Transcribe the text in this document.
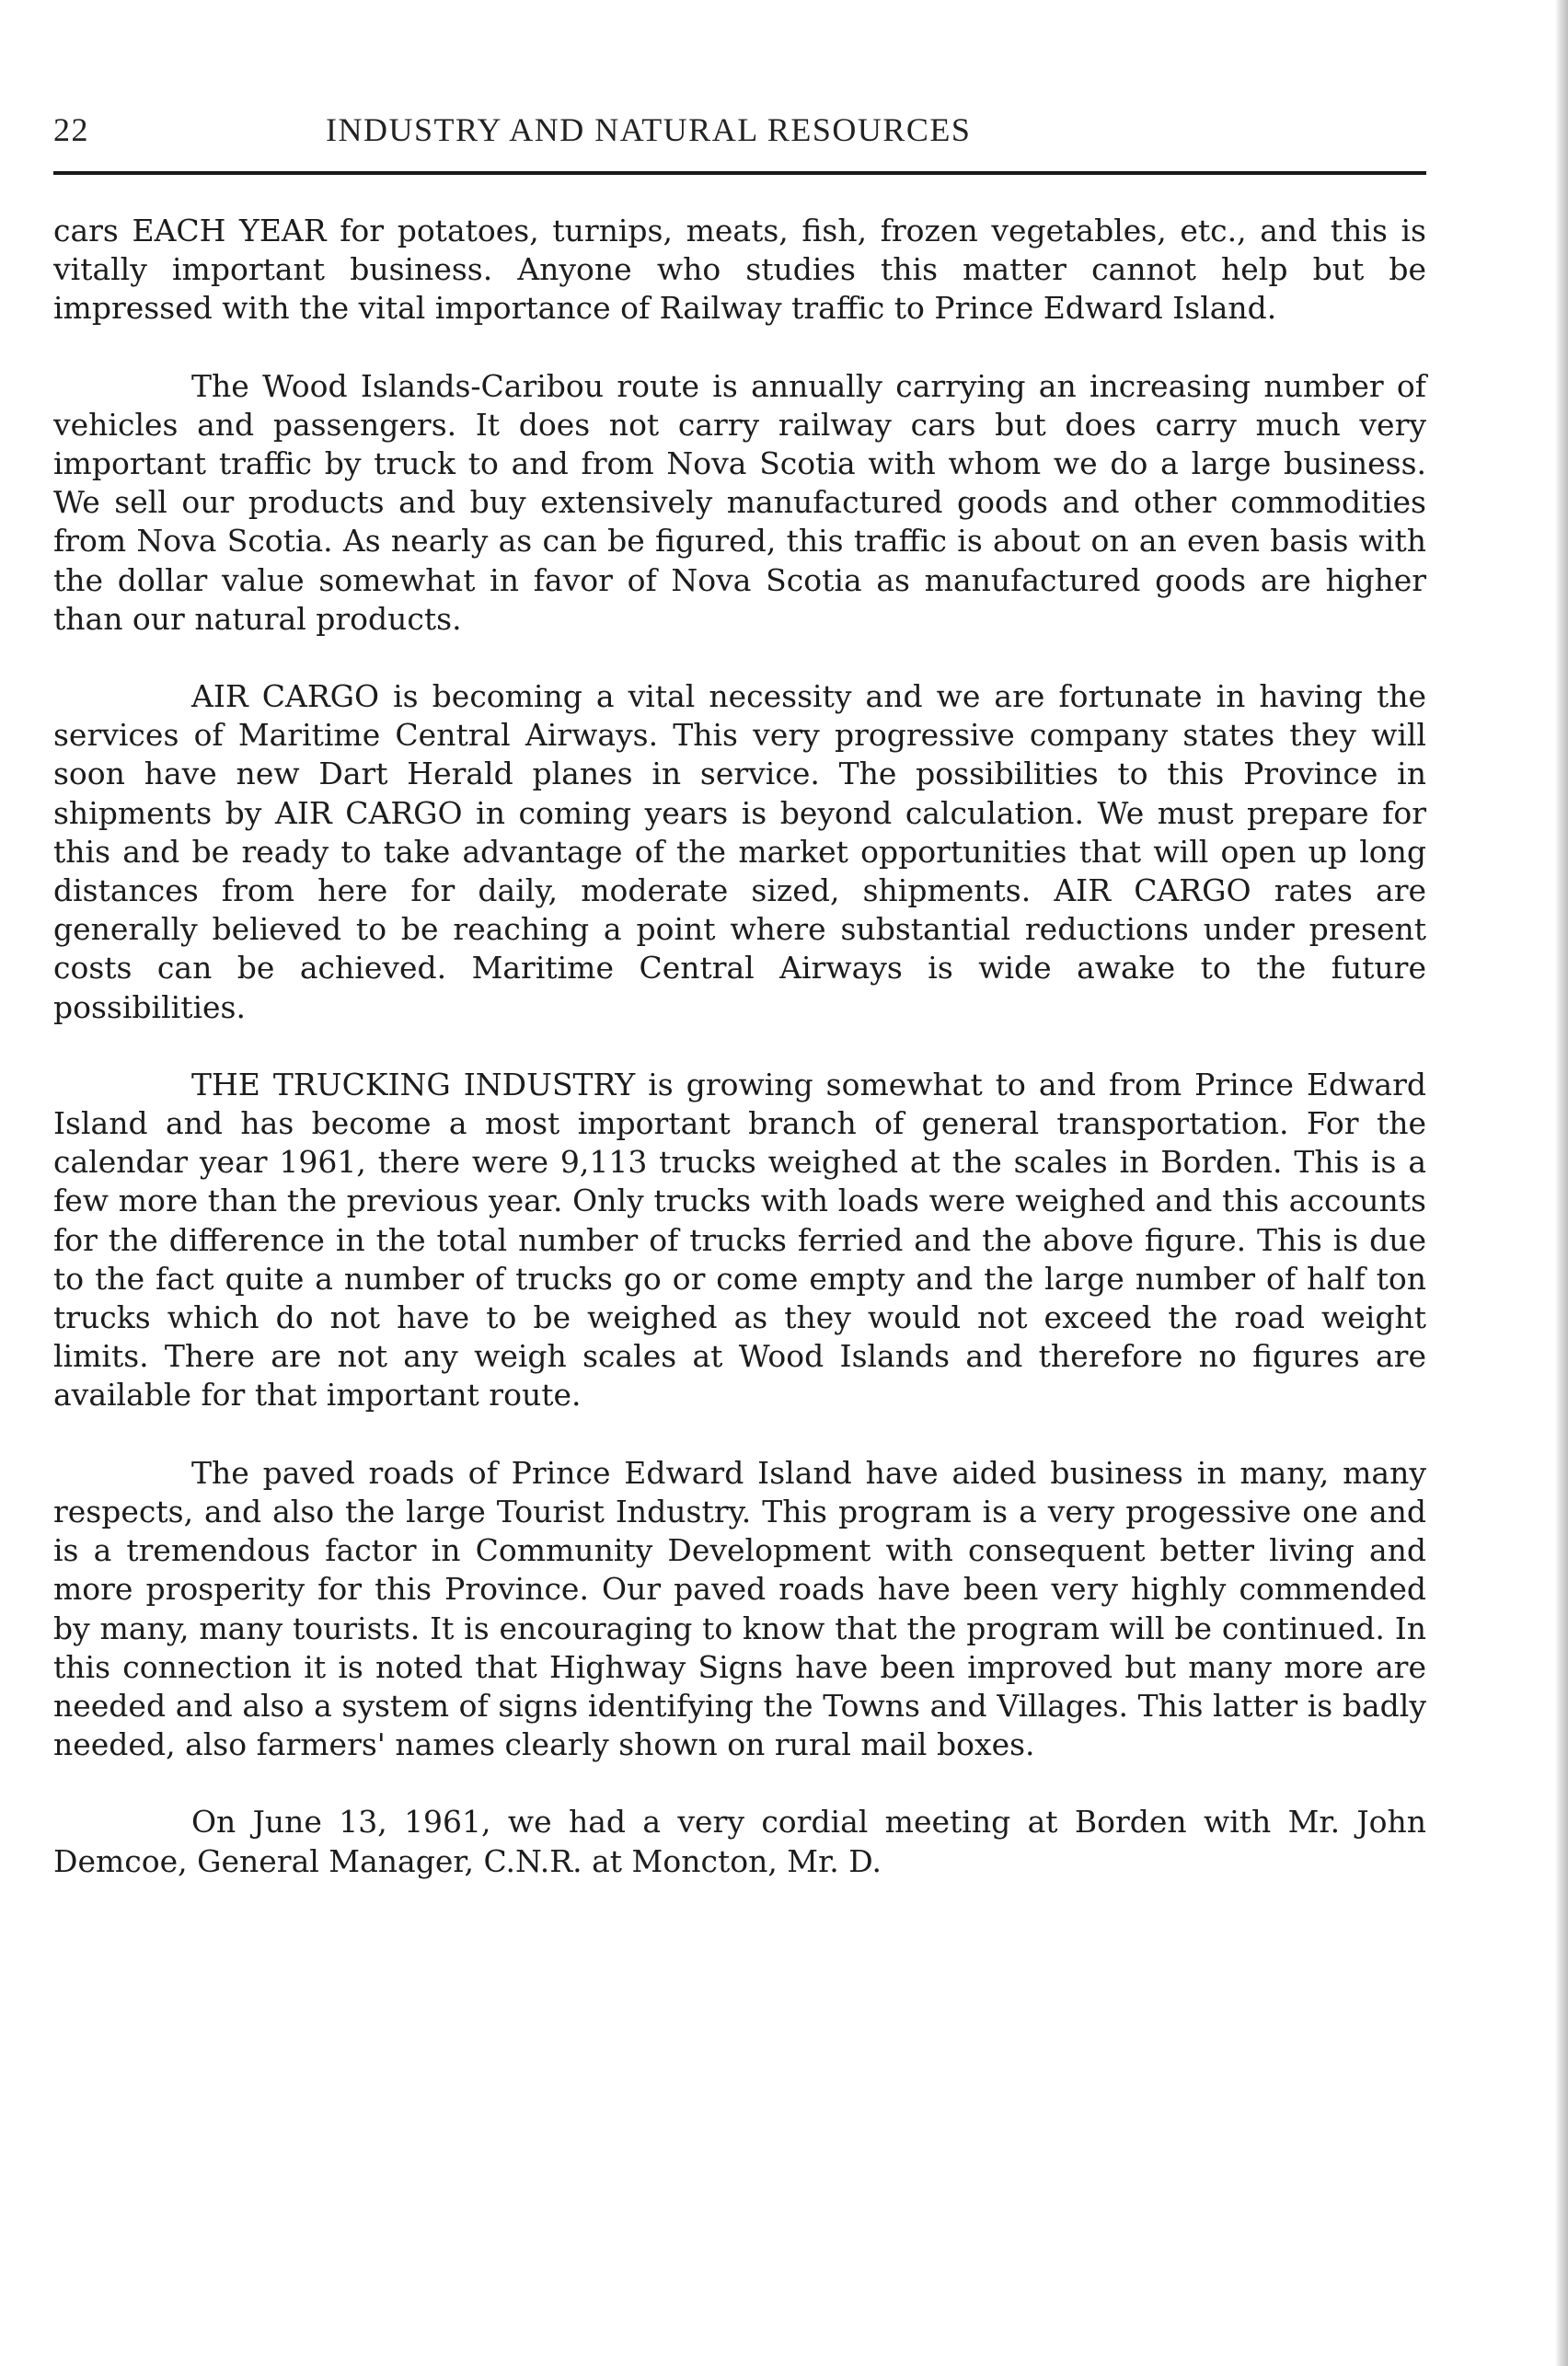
22	INDUSTRY AND NATURAL RESOURCES

cars EACH YEAR for potatoes, turnips, meats, fish, frozen vegetables, etc., and this is vitally important business. Anyone who studies this matter cannot help but be impressed with the vital importance of Railway traffic to Prince Edward Island.

The Wood Islands-Caribou route is annually carrying an increasing number of vehicles and passengers. It does not carry railway cars but does carry much very important traffic by truck to and from Nova Scotia with whom we do a large business. We sell our products and buy extensively manufactured goods and other commodities from Nova Scotia. As nearly as can be figured, this traffic is about on an even basis with the dollar value somewhat in favor of Nova Scotia as manufactured goods are higher than our natural products.

AIR CARGO is becoming a vital necessity and we are fortunate in having the services of Maritime Central Airways. This very progressive company states they will soon have new Dart Herald planes in service. The possibilities to this Province in shipments by AIR CARGO in coming years is beyond calculation. We must prepare for this and be ready to take advantage of the market opportunities that will open up long distances from here for daily, moderate sized, shipments. AIR CARGO rates are generally believed to be reaching a point where substantial reductions under present costs can be achieved. Maritime Central Airways is wide awake to the future possibilities.

THE TRUCKING INDUSTRY is growing somewhat to and from Prince Edward Island and has become a most important branch of general transportation. For the calendar year 1961, there were 9,113 trucks weighed at the scales in Borden. This is a few more than the previous year. Only trucks with loads were weighed and this accounts for the difference in the total number of trucks ferried and the above figure. This is due to the fact quite a number of trucks go or come empty and the large number of half ton trucks which do not have to be weighed as they would not exceed the road weight limits. There are not any weigh scales at Wood Islands and therefore no figures are available for that important route.

The paved roads of Prince Edward Island have aided business in many, many respects, and also the large Tourist Industry. This program is a very progessive one and is a tremendous factor in Community Development with consequent better living and more prosperity for this Province. Our paved roads have been very highly commended by many, many tourists. It is encouraging to know that the program will be continued. In this connection it is noted that Highway Signs have been improved but many more are needed and also a system of signs identifying the Towns and Villages. This latter is badly needed, also farmers' names clearly shown on rural mail boxes.

On June 13, 1961, we had a very cordial meeting at Borden with Mr. John Demcoe, General Manager, C.N.R. at Moncton, Mr. D.
